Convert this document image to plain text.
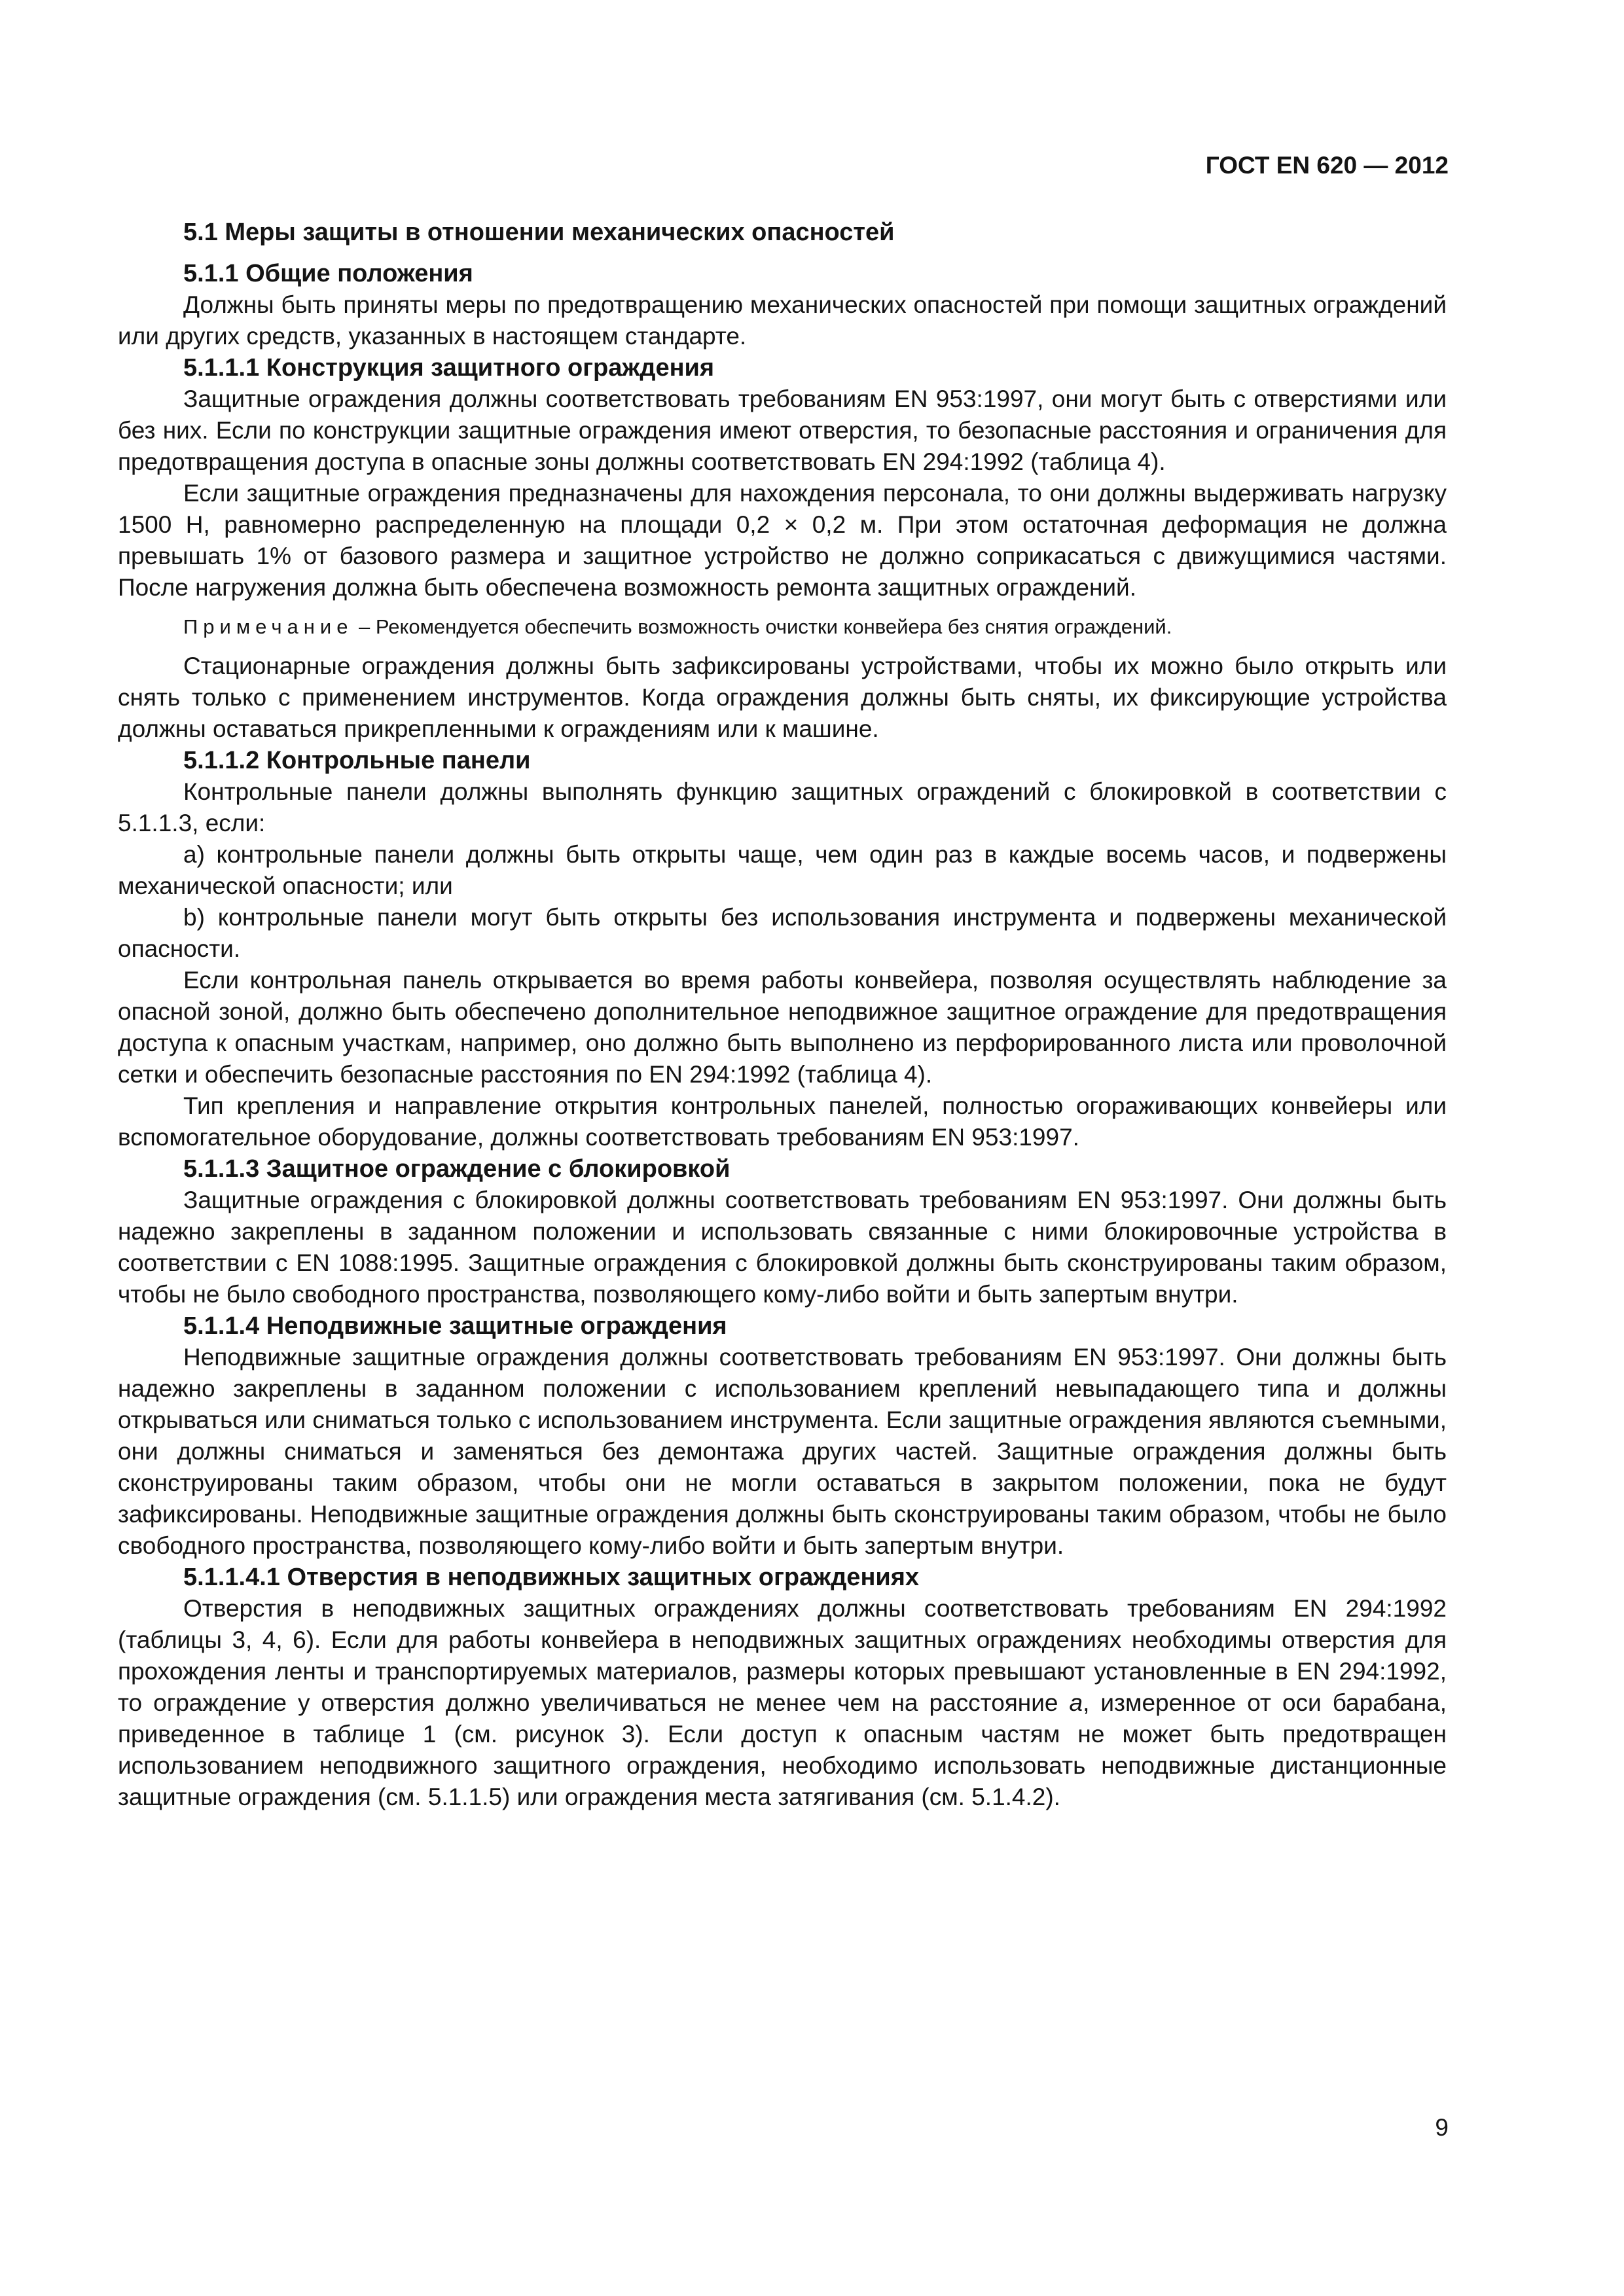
ГОСТ EN 620 — 2012
5.1 Меры защиты в отношении механических опасностей
5.1.1 Общие положения

Должны быть приняты меры по предотвращению механических опасностей при помощи защитных ограждений или других средств, указанных в настоящем стандарте.

5.1.1.1 Конструкция защитного ограждения

Защитные ограждения должны соответствовать требованиям EN 953:1997, они могут быть с отверстиями или без них. Если по конструкции защитные ограждения имеют отверстия, то безопасные расстояния и ограничения для предотвращения доступа в опасные зоны должны соответствовать EN 294:1992 (таблица 4).

Если защитные ограждения предназначены для нахождения персонала, то они должны выдерживать нагрузку 1500 Н, равномерно распределенную на площади 0,2 × 0,2 м. При этом остаточная деформация не должна превышать 1% от базового размера и защитное устройство не должно соприкасаться с движущимися частями. После нагружения должна быть обеспечена возможность ремонта защитных ограждений.

Примечание – Рекомендуется обеспечить возможность очистки конвейера без снятия ограждений.

Стационарные ограждения должны быть зафиксированы устройствами, чтобы их можно было открыть или снять только с применением инструментов. Когда ограждения должны быть сняты, их фиксирующие устройства должны оставаться прикрепленными к ограждениям или к машине.

5.1.1.2 Контрольные панели

Контрольные панели должны выполнять функцию защитных ограждений с блокировкой в соответствии с 5.1.1.3, если:

a) контрольные панели должны быть открыты чаще, чем один раз в каждые восемь часов, и подвержены механической опасности; или

b) контрольные панели могут быть открыты без использования инструмента и подвержены механической опасности.

Если контрольная панель открывается во время работы конвейера, позволяя осуществлять наблюдение за опасной зоной, должно быть обеспечено дополнительное неподвижное защитное ограждение для предотвращения доступа к опасным участкам, например, оно должно быть выполнено из перфорированного листа или проволочной сетки и обеспечить безопасные расстояния по EN 294:1992 (таблица 4).

Тип крепления и направление открытия контрольных панелей, полностью огораживающих конвейеры или вспомогательное оборудование, должны соответствовать требованиям EN 953:1997.

5.1.1.3 Защитное ограждение с блокировкой

Защитные ограждения с блокировкой должны соответствовать требованиям EN 953:1997. Они должны быть надежно закреплены в заданном положении и использовать связанные с ними блокировочные устройства в соответствии с EN 1088:1995. Защитные ограждения с блокировкой должны быть сконструированы таким образом, чтобы не было свободного пространства, позволяющего кому-либо войти и быть запертым внутри.

5.1.1.4 Неподвижные защитные ограждения

Неподвижные защитные ограждения должны соответствовать требованиям EN 953:1997. Они должны быть надежно закреплены в заданном положении с использованием креплений невыпадающего типа и должны открываться или сниматься только с использованием инструмента. Если защитные ограждения являются съемными, они должны сниматься и заменяться без демонтажа других частей. Защитные ограждения должны быть сконструированы таким образом, чтобы они не могли оставаться в закрытом положении, пока не будут зафиксированы. Неподвижные защитные ограждения должны быть сконструированы таким образом, чтобы не было свободного пространства, позволяющего кому-либо войти и быть запертым внутри.

5.1.1.4.1 Отверстия в неподвижных защитных ограждениях

Отверстия в неподвижных защитных ограждениях должны соответствовать требованиям EN 294:1992 (таблицы 3, 4, 6). Если для работы конвейера в неподвижных защитных ограждениях необходимы отверстия для прохождения ленты и транспортируемых материалов, размеры которых превышают установленные в EN 294:1992, то ограждение у отверстия должно увеличиваться не менее чем на расстояние a, измеренное от оси барабана, приведенное в таблице 1 (см. рисунок 3). Если доступ к опасным частям не может быть предотвращен использованием неподвижного защитного ограждения, необходимо использовать неподвижные дистанционные защитные ограждения (см. 5.1.1.5) или ограждения места затягивания (см. 5.1.4.2).

9
